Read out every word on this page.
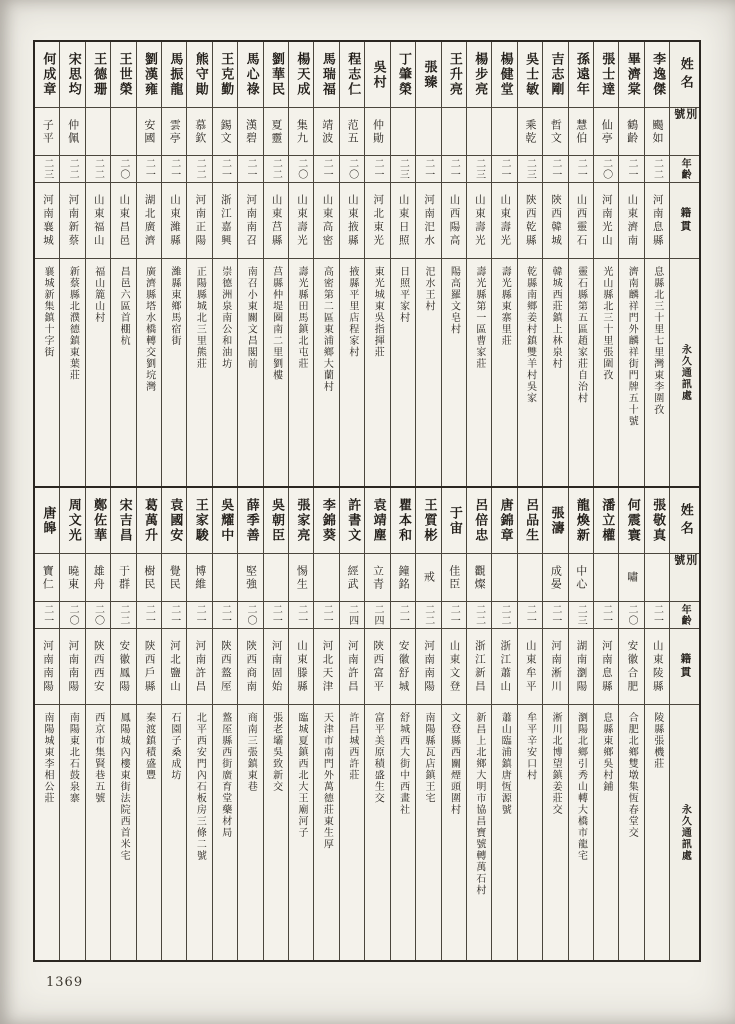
何成章
子平
二三
河南襄城
襄城新集鎮十字街
宋思均
仲佩
二二
河南新蔡
新蔡縣北濮德鎮東葉莊
王德珊
二二
山東福山
福山簏山村
王世榮
二〇
山東昌邑
昌邑六區首棚杭
劉漢雍
安國
二一
湖北廣濟
廣濟縣塔水橋轉交劉垸灣
馬振龍
雲亭
二一
山東濰縣
濰縣東鄉馬宿街
熊守勛
慕欽
二二
河南正陽
正陽縣城北三里熊莊
王克勤
錫文
二一
浙江嘉興
崇德洲泉南公和油坊
馬心祿
漢碧
二一
河南南召
南召小東關文昌閣前
劉華民
夏靈
二二
山東莒縣
莒縣仲堤圈南二里劉樓
楊天成
集九
二〇
山東壽光
壽光縣田馬鎮北屯莊
馬瑞福
靖波
二一
山東高密
高密第二區東浦鄉大蘭村
程志仁
范五
二〇
山東掖縣
掖縣平里店程家村
吳村
仲勛
二一
河北東光
東光城東吳指揮莊
丁肇榮
二三
山東日照
日照平家村
張臻
二一
河南汜水
汜水王村
王升亮
二一
山西陽高
陽高羅文皂村
楊步亮
二三
山東壽光
壽光縣第一區曹家莊
楊健堂
二一
山東壽光
壽光縣東寨里莊
吳士敏
乘乾
二三
陝西乾縣
乾縣南鄉姜村鎮雙羊村吳家
吉志剛
哲文
二一
陝西韓城
韓城西莊鎮上林泉村
孫遠年
慧伯
二一
山西靈石
靈石縣第五區趙家莊自治村
張士達
仙亭
二〇
河南光山
光山縣北三十里張圍孜
畢濟棠
鶴齡
二一
山東濟南
濟南麟祥門外麟祥街門牌五十號
李逸傑
颺如
二二
河南息縣
息縣北三十里七里灣東李圍孜
姓名
別號
年齡
籍貫
永久通訊處
唐皞
寶仁
二一
河南南陽
南陽城東李相公莊
周文光
曉東
二〇
河南南陽
南陽東北石鼓泉寨
鄭佐華
雄舟
二〇
陝西西安
西京市集賢巷五號
宋吉昌
于群
二二
安徽鳳陽
鳳陽城內樓東街法院西首米宅
葛萬升
樹民
二一
陝西戶縣
秦渡鎮積盛豐
袁國安
覺民
二一
河北鹽山
石園子桑成坊
王家駿
博維
二一
河南許昌
北平西安門內石板房三條二號
吳耀中
二一
陝西盩厔
盩厔縣西街廣育堂藥材局
薛季善
堅強
二〇
陝西商南
商南三張鎮東巷
吳朝臣
二一
河南固始
張老壩吳致新交
張家亮
惕生
二一
山東滕縣
臨城夏鎮西北大王廟河子
李錦葵
二一
河北天津
天津市南門外萬德莊東生厚
許書文
經武
二四
河南許昌
許昌城西許莊
袁靖塵
立青
二四
陝西富平
富平美原積盛生交
瞿本和
鐘銘
二一
安徽舒城
舒城西大街中西畫社
王質彬
戒
二二
河南南陽
南陽縣瓦店鎮王宅
于宙
佳臣
二一
山東文登
文登縣西關煙頭圍村
呂倍忠
觀燦
二二
浙江新昌
新昌上北鄉大明市協昌寶號轉萬石村
唐錦章
二二
浙江蕭山
蕭山臨浦鎮唐恆源號
呂品生
二一
山東牟平
牟平辛安口村
張濤
成晏
二一
河南淅川
淅川北博望鎮姜莊交
龍煥新
中心
二三
湖南瀏陽
瀏陽北鄉引秀山轉大橋市龍宅
潘立權
二一
河南息縣
息縣東鄉吳村鋪
何震寰
嘯
二〇
安徽合肥
合肥北鄉雙墩集恆春堂交
張敬真
二一
山東陵縣
陵縣張機莊
姓名
別號
年齡
籍貫
永久通訊處
1369
